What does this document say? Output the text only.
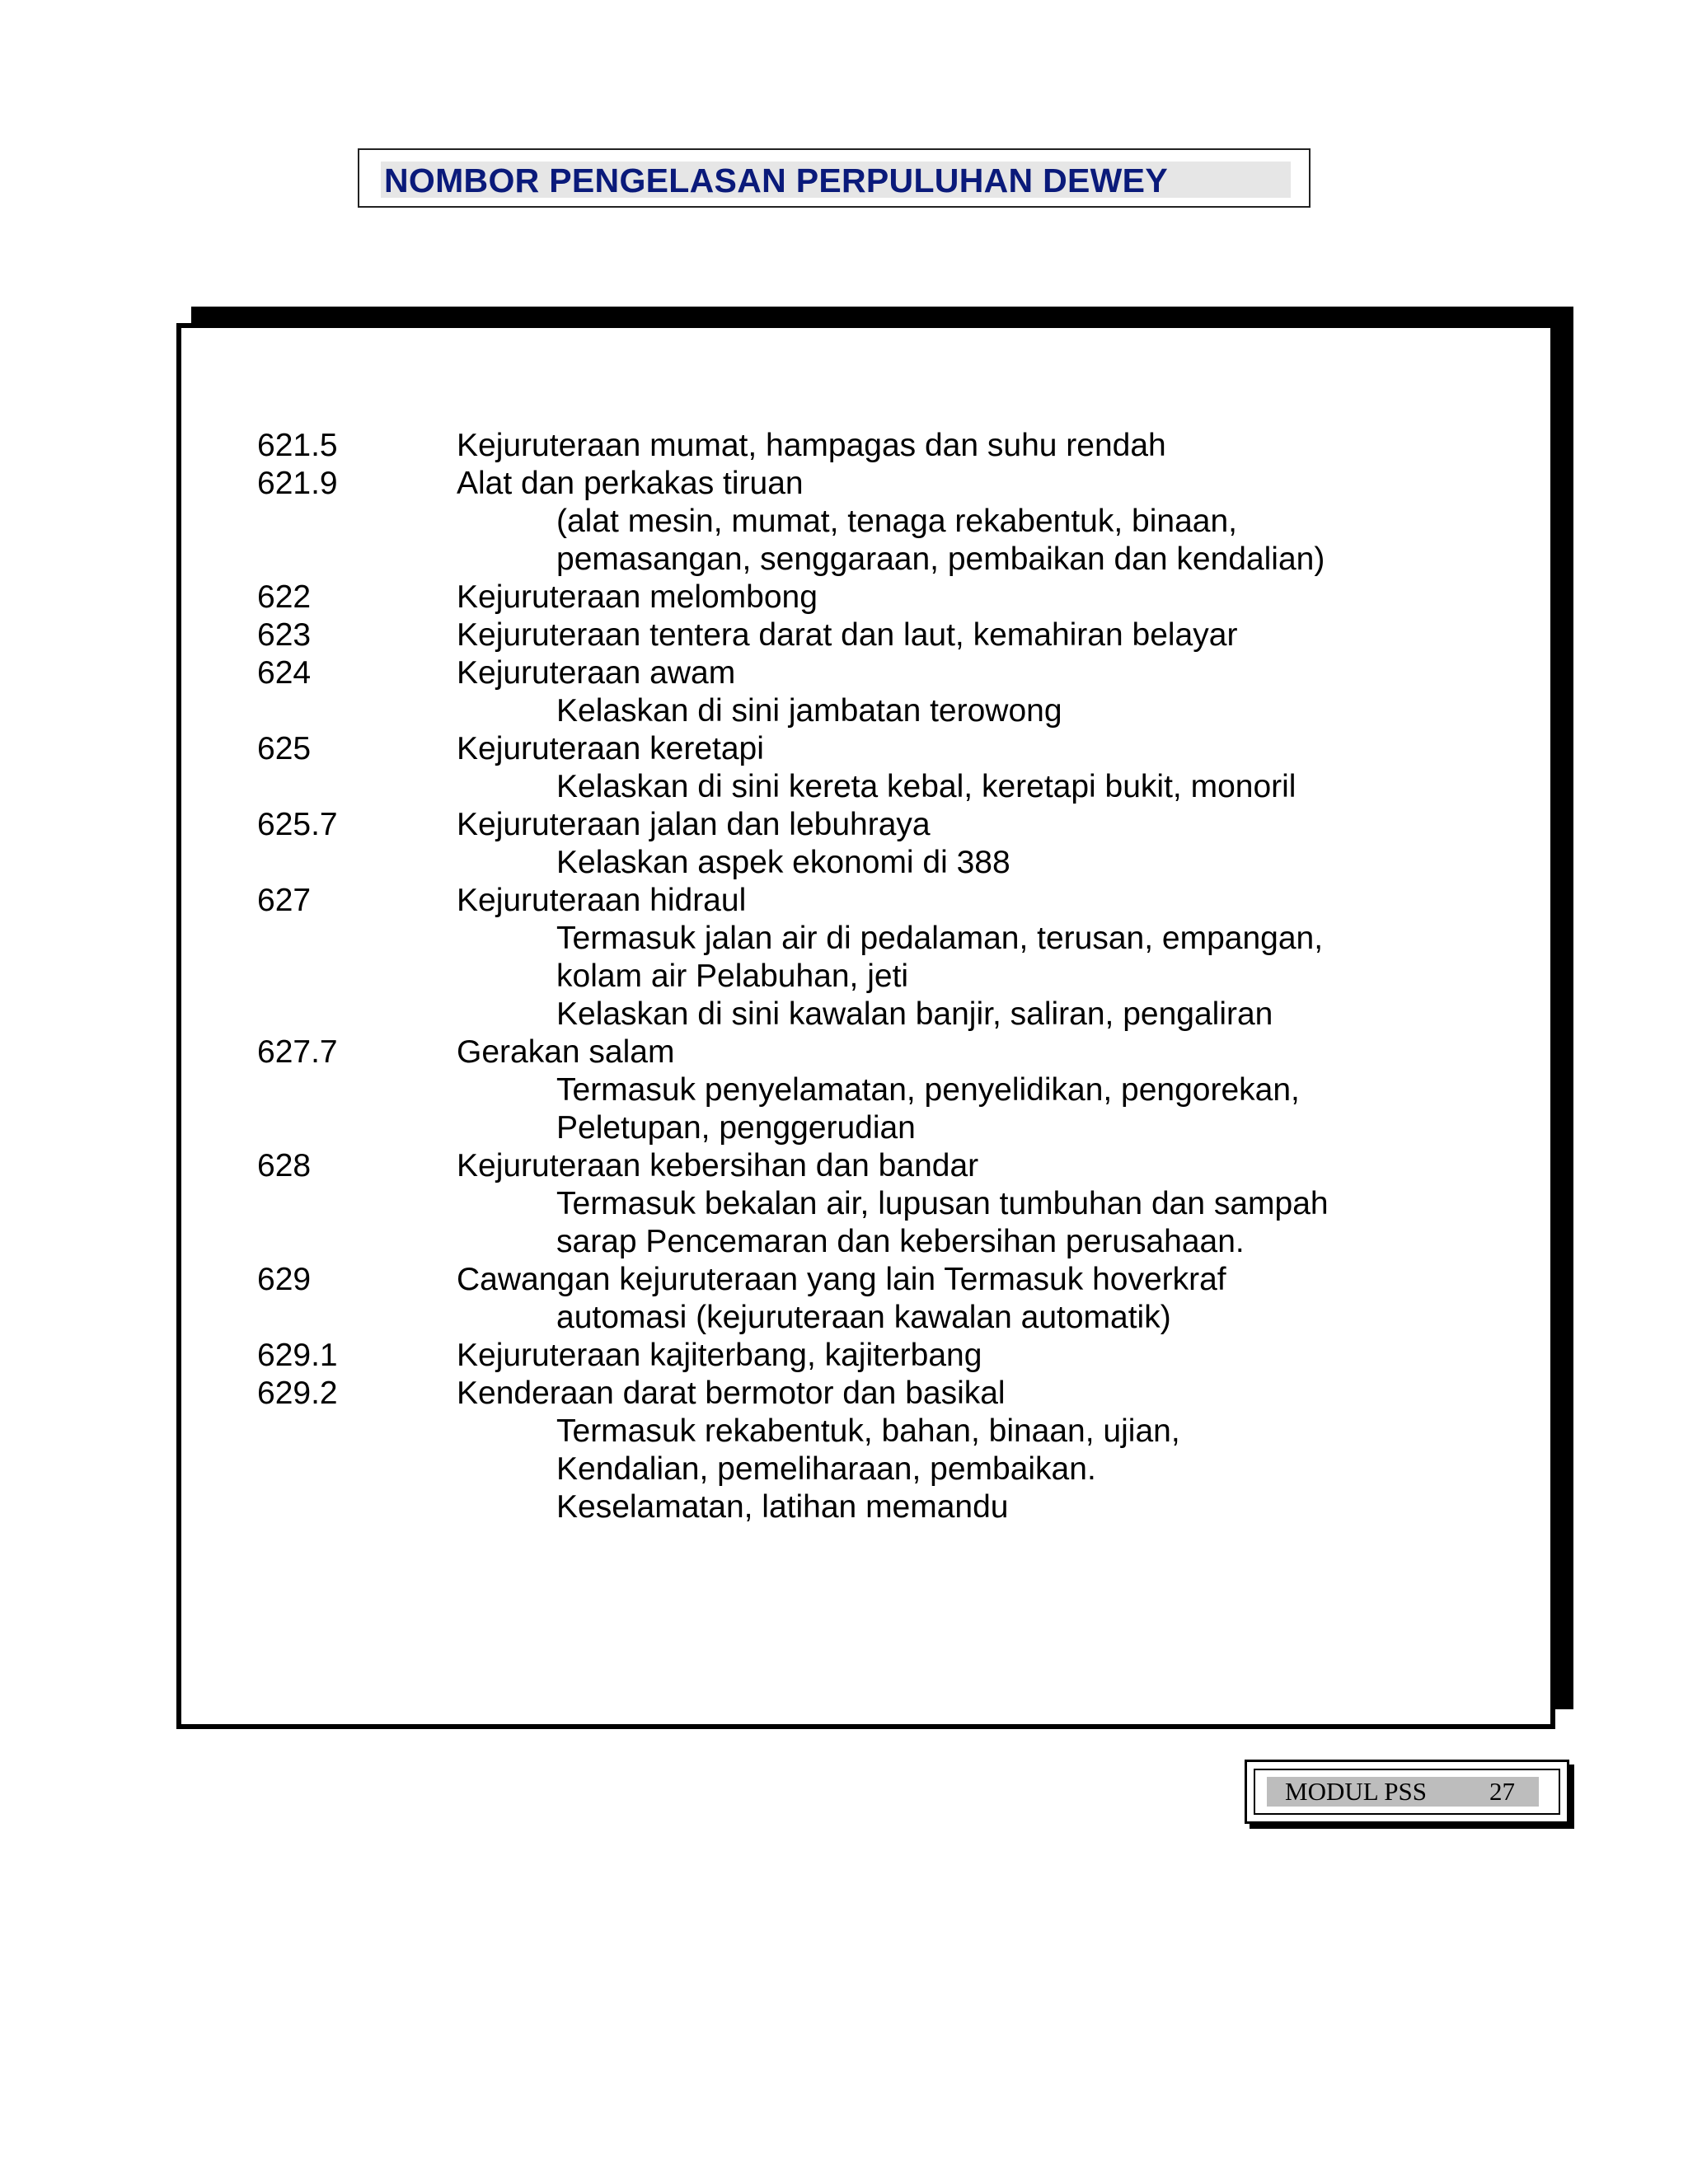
NOMBOR PENGELASAN PERPULUHAN DEWEY
621.5	Kejuruteraan mumat, hampagas dan suhu rendah
621.9	Alat dan perkakas tiruan
(alat mesin, mumat, tenaga rekabentuk, binaan,
pemasangan, senggaraan, pembaikan dan kendalian)
622	Kejuruteraan melombong
623	Kejuruteraan tentera darat dan laut, kemahiran belayar
624	Kejuruteraan awam
Kelaskan di sini jambatan terowong
625	Kejuruteraan keretapi
Kelaskan di sini kereta kebal, keretapi bukit, monoril
625.7	Kejuruteraan jalan dan lebuhraya
Kelaskan aspek ekonomi di 388
627	Kejuruteraan hidraul
Termasuk jalan air di pedalaman, terusan, empangan,
kolam air Pelabuhan, jeti
Kelaskan di sini kawalan banjir, saliran, pengaliran
627.7	Gerakan salam
Termasuk penyelamatan, penyelidikan, pengorekan,
Peletupan, penggerudian
628	Kejuruteraan kebersihan dan bandar
Termasuk bekalan air, lupusan tumbuhan dan sampah
sarap Pencemaran dan kebersihan perusahaan.
629	Cawangan kejuruteraan yang lain Termasuk hoverkraf
automasi (kejuruteraan kawalan automatik)
629.1	Kejuruteraan kajiterbang, kajiterbang
629.2	Kenderaan darat bermotor dan basikal
Termasuk rekabentuk, bahan, binaan, ujian,
Kendalian, pemeliharaan, pembaikan.
Keselamatan, latihan memandu
MODUL PSS 27
